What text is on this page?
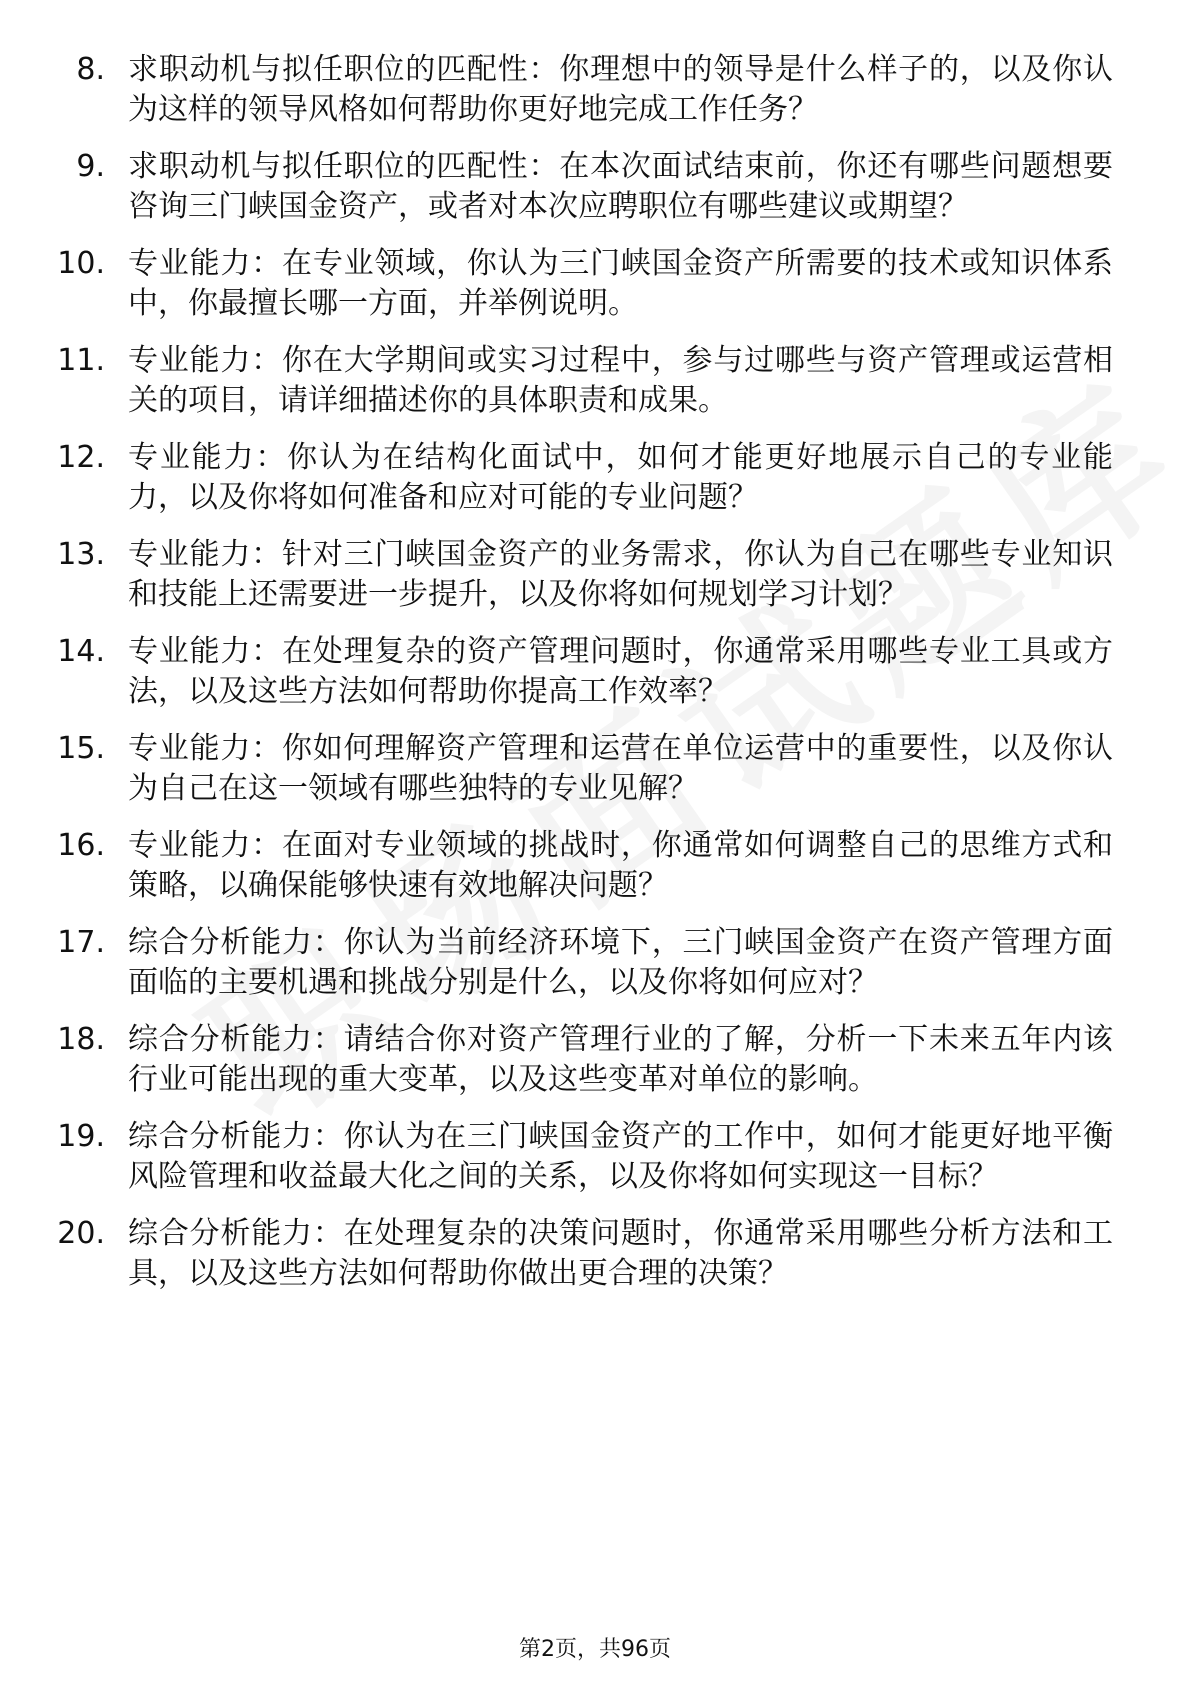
8. 求职动机与拟任职位的匹配性：你理想中的领导是什么样子的，以及你认为这样的领导风格如何帮助你更好地完成工作任务？
9. 求职动机与拟任职位的匹配性：在本次面试结束前，你还有哪些问题想要咨询三门峡国金资产，或者对本次应聘职位有哪些建议或期望？
10. 专业能力：在专业领域，你认为三门峡国金资产所需要的技术或知识体系中，你最擅长哪一方面，并举例说明。
11. 专业能力：你在大学期间或实习过程中，参与过哪些与资产管理或运营相关的项目，请详细描述你的具体职责和成果。
12. 专业能力：你认为在结构化面试中，如何才能更好地展示自己的专业能力，以及你将如何准备和应对可能的专业问题？
13. 专业能力：针对三门峡国金资产的业务需求，你认为自己在哪些专业知识和技能上还需要进一步提升，以及你将如何规划学习计划？
14. 专业能力：在处理复杂的资产管理问题时，你通常采用哪些专业工具或方法，以及这些方法如何帮助你提高工作效率？
15. 专业能力：你如何理解资产管理和运营在单位运营中的重要性，以及你认为自己在这一领域有哪些独特的专业见解？
16. 专业能力：在面对专业领域的挑战时，你通常如何调整自己的思维方式和策略，以确保能够快速有效地解决问题？
17. 综合分析能力：你认为当前经济环境下，三门峡国金资产在资产管理方面面临的主要机遇和挑战分别是什么，以及你将如何应对？
18. 综合分析能力：请结合你对资产管理行业的了解，分析一下未来五年内该行业可能出现的重大变革，以及这些变革对单位的影响。
19. 综合分析能力：你认为在三门峡国金资产的工作中，如何才能更好地平衡风险管理和收益最大化之间的关系，以及你将如何实现这一目标？
20. 综合分析能力：在处理复杂的决策问题时，你通常采用哪些分析方法和工具，以及这些方法如何帮助你做出更合理的决策？
第2页，共96页
